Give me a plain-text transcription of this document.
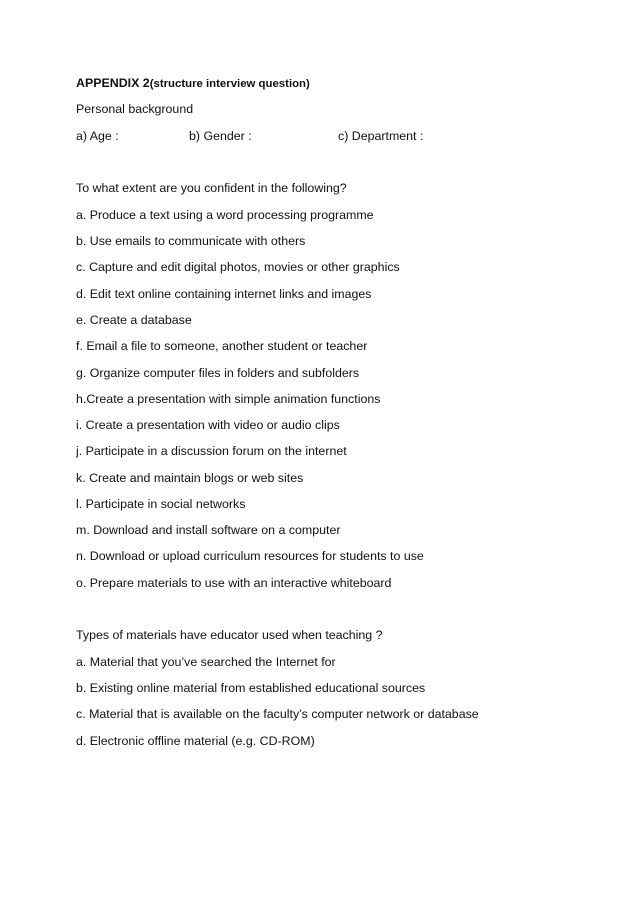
APPENDIX 2(structure interview question)
Personal background
a) Age :	b) Gender :	c) Department :
To what extent are you confident in the following?
a. Produce a text using a word processing programme
b. Use emails to communicate with others
c. Capture and edit digital photos, movies or other graphics
d. Edit text online containing internet links and images
e. Create a database
f. Email a file to someone, another student or teacher
g. Organize computer files in folders and subfolders
h.Create a presentation with simple animation functions
i. Create a presentation with video or audio clips
j. Participate in a discussion forum on the internet
k. Create and maintain blogs or web sites
l. Participate in social networks
m. Download and install software on a computer
n. Download or upload curriculum resources for students to use
o. Prepare materials to use with an interactive whiteboard
Types of materials have educator used when teaching ?
a. Material that you’ve searched the Internet for
b. Existing online material from established educational sources
c. Material that is available on the faculty’s computer network or database
d. Electronic offline material (e.g. CD-ROM)
